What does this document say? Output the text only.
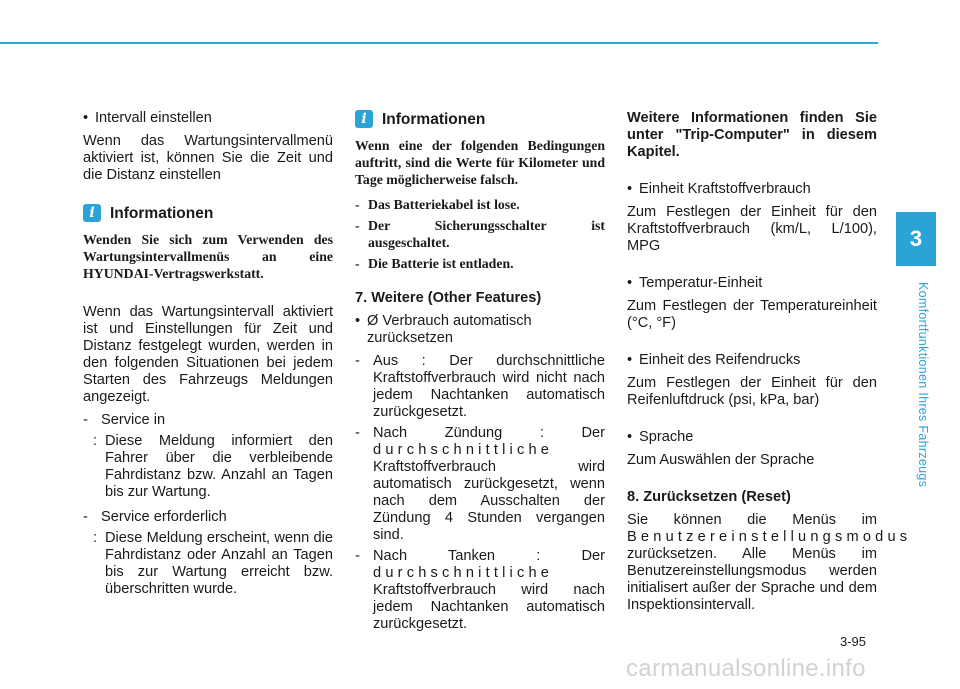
• Intervall einstellen

Wenn das Wartungsintervallmenü aktiviert ist, können Sie die Zeit und die Distanz einstellen

i Informationen

Wenden Sie sich zum Verwenden des Wartungsintervallmenüs an eine HYUNDAI-Vertragswerkstatt.

Wenn das Wartungsintervall aktiviert ist und Einstellungen für Zeit und Distanz festgelegt wurden, werden in den folgenden Situationen bei jedem Starten des Fahrzeugs Meldungen angezeigt.

- Service in
: Diese Meldung informiert den Fahrer über die verbleibende Fahrdistanz bzw. Anzahl an Tagen bis zur Wartung.
- Service erforderlich
: Diese Meldung erscheint, wenn die Fahrdistanz oder Anzahl an Tagen bis zur Wartung erreicht bzw. überschritten wurde.
i Informationen

Wenn eine der folgenden Bedingungen auftritt, sind die Werte für Kilometer und Tage möglicherweise falsch.

- Das Batteriekabel ist lose.
- Der Sicherungsschalter ist ausgeschaltet.
- Die Batterie ist entladen.

7. Weitere (Other Features)

• Ø Verbrauch automatisch zurücksetzen
- Aus : Der durchschnittliche Kraftstoffverbrauch wird nicht nach jedem Nachtanken automatisch zurückgesetzt.
- Nach Zündung : Der durchschnittliche Kraftstoffverbrauch wird automatisch zurückgesetzt, wenn nach dem Ausschalten der Zündung 4 Stunden vergangen sind.
- Nach Tanken : Der durchschnittliche Kraftstoffverbrauch wird nach jedem Nachtanken automatisch zurückgesetzt.

Weitere Informationen finden Sie unter "Trip-Computer" in diesem Kapitel.

• Einheit Kraftstoffverbrauch

Zum Festlegen der Einheit für den Kraftstoffverbrauch (km/L, L/100), MPG

• Temperatur-Einheit

Zum Festlegen der Temperatureinheit (°C, °F)

• Einheit des Reifendrucks

Zum Festlegen der Einheit für den Reifenluftdruck (psi, kPa, bar)

• Sprache

Zum Auswählen der Sprache

8. Zurücksetzen (Reset)

Sie können die Menüs im Benutzereinstellungsmodus zurücksetzen. Alle Menüs im Benutzereinstellungsmodus werden initialisert außer der Sprache und dem Inspektionsintervall.

3
Komfortfunktionen Ihres Fahrzeugs
3-95
carmanualsonline.info
